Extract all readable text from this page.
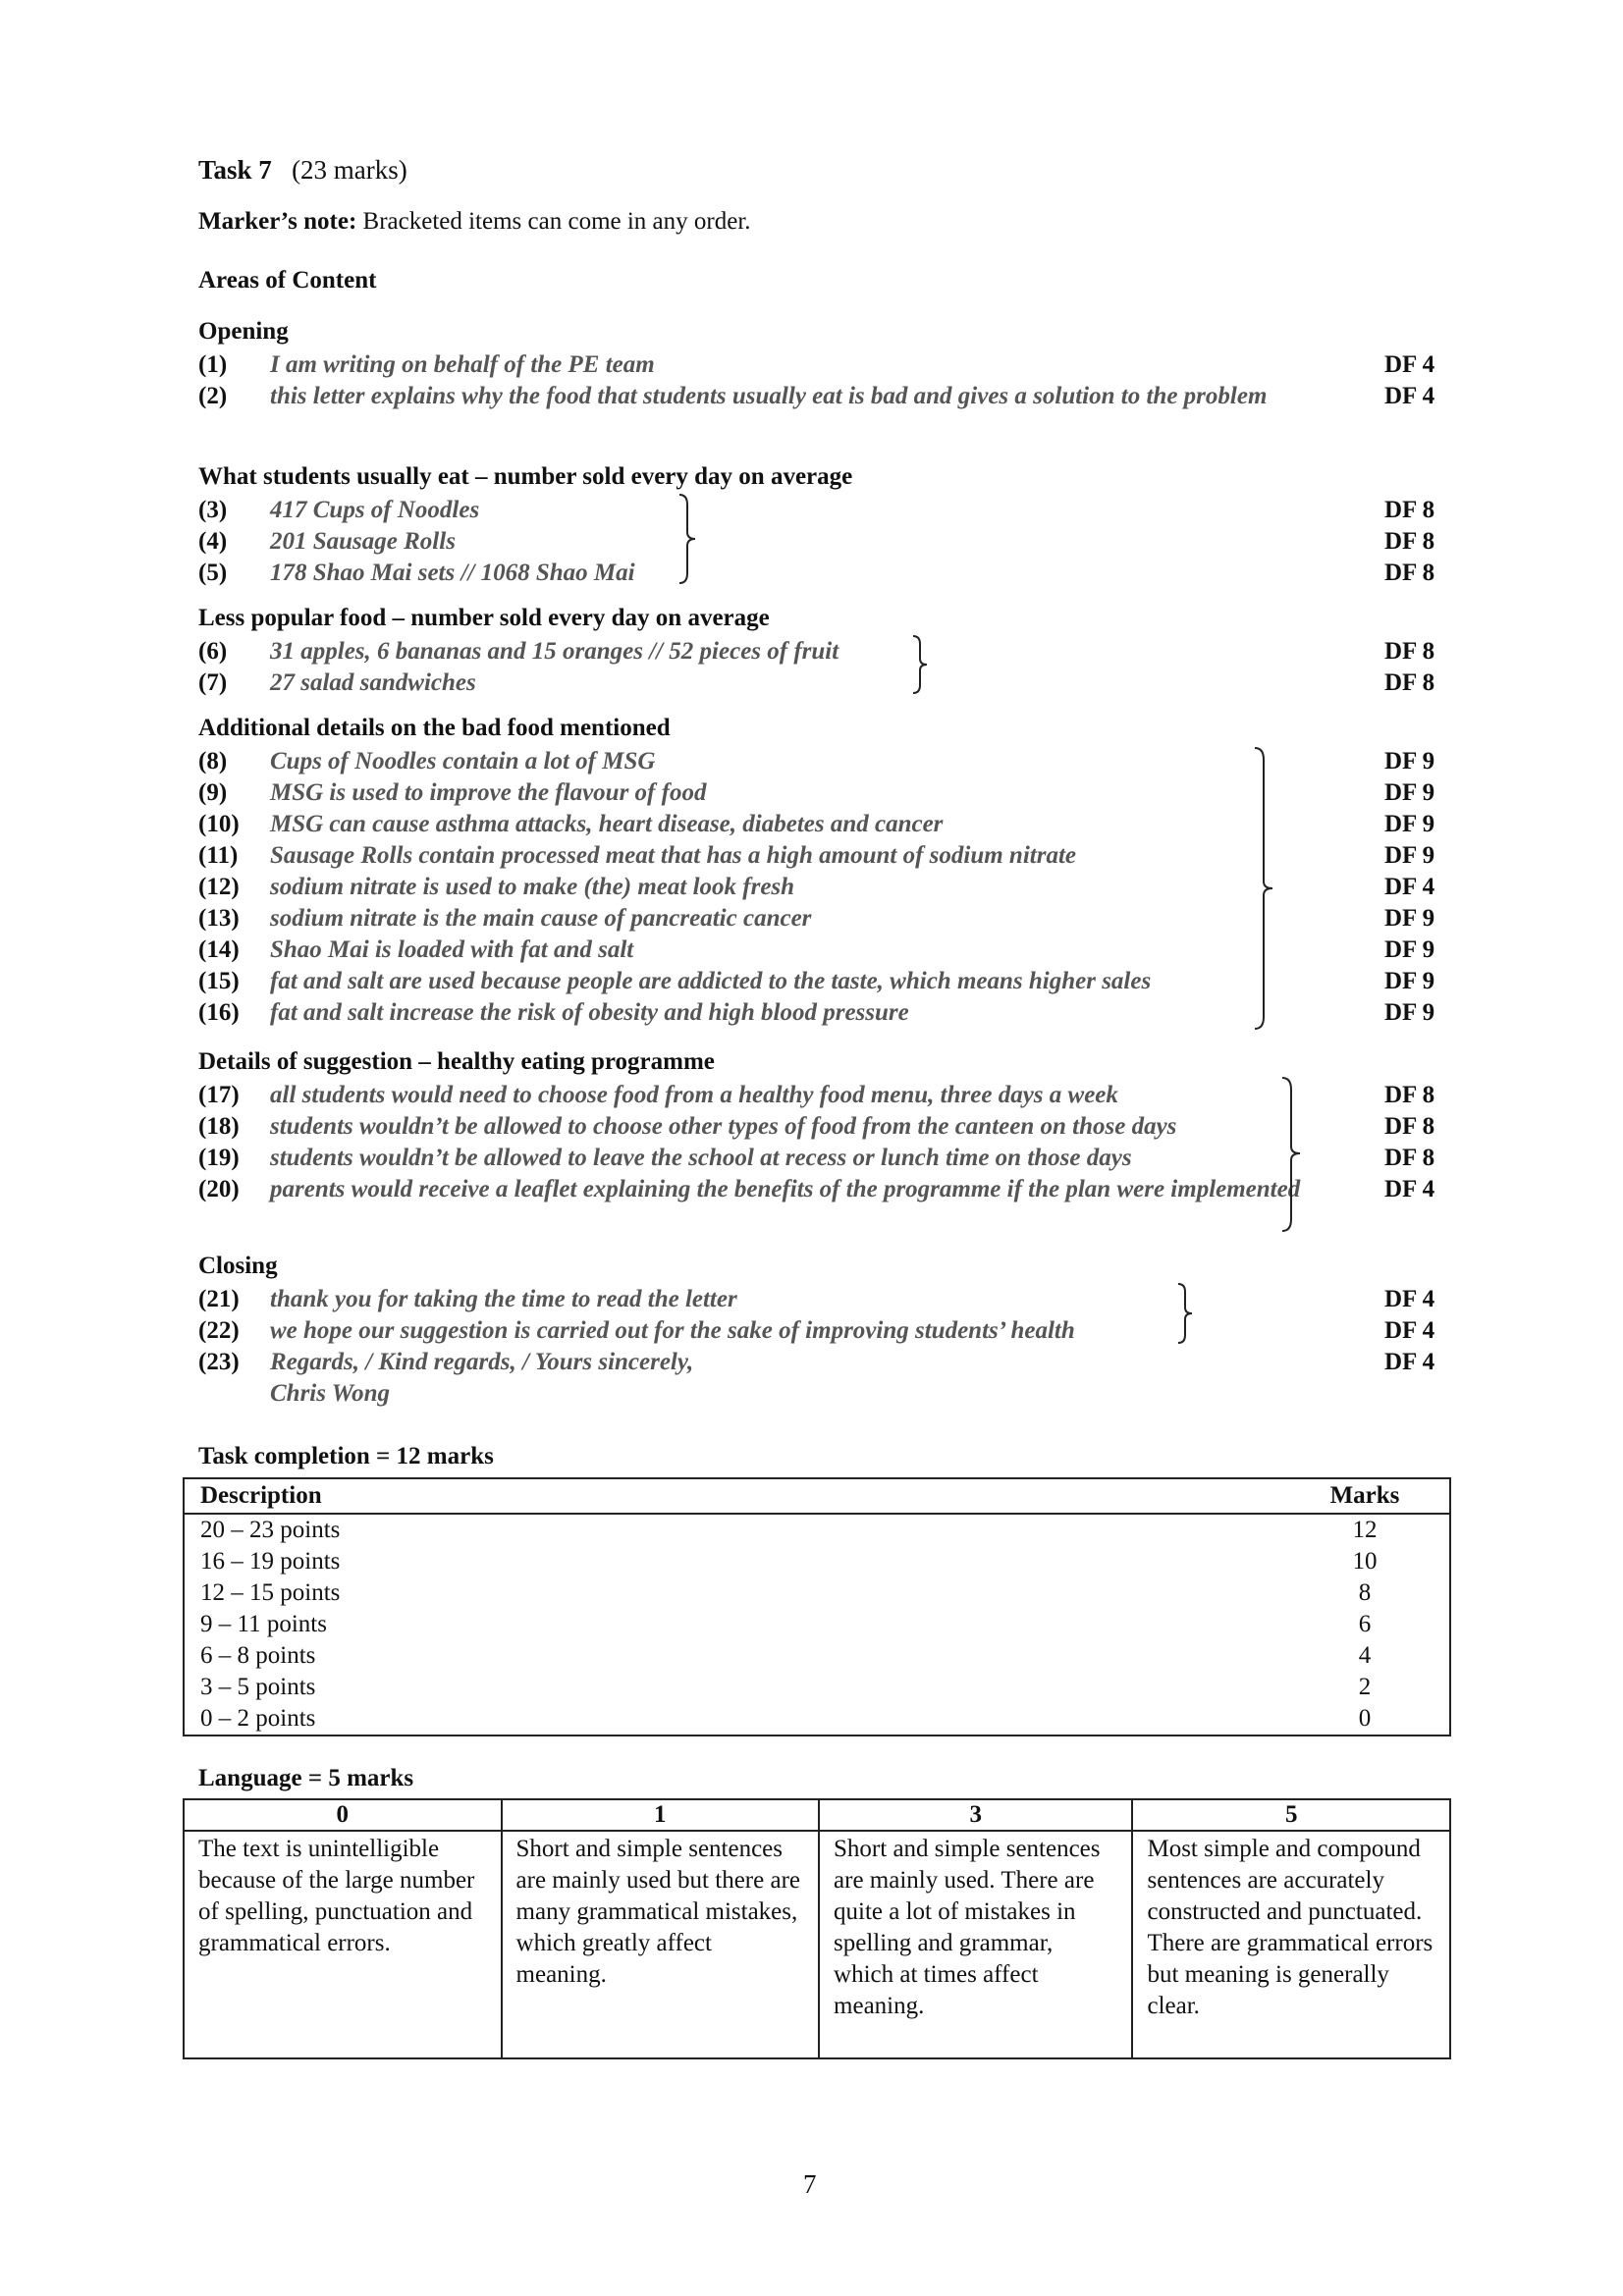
Task 7 (23 marks)
Marker’s note: Bracketed items can come in any order.
Areas of Content
Opening
(1) I am writing on behalf of the PE team	DF 4
(2) this letter explains why the food that students usually eat is bad and gives a solution to the problem	DF 4
What students usually eat – number sold every day on average
(3) 417 Cups of Noodles	DF 8
(4) 201 Sausage Rolls	DF 8
(5) 178 Shao Mai sets // 1068 Shao Mai	DF 8
Less popular food – number sold every day on average
(6) 31 apples, 6 bananas and 15 oranges // 52 pieces of fruit	DF 8
(7) 27 salad sandwiches	DF 8
Additional details on the bad food mentioned
(8) Cups of Noodles contain a lot of MSG	DF 9
(9) MSG is used to improve the flavour of food	DF 9
(10) MSG can cause asthma attacks, heart disease, diabetes and cancer	DF 9
(11) Sausage Rolls contain processed meat that has a high amount of sodium nitrate	DF 9
(12) sodium nitrate is used to make (the) meat look fresh	DF 4
(13) sodium nitrate is the main cause of pancreatic cancer	DF 9
(14) Shao Mai is loaded with fat and salt	DF 9
(15) fat and salt are used because people are addicted to the taste, which means higher sales	DF 9
(16) fat and salt increase the risk of obesity and high blood pressure	DF 9
Details of suggestion – healthy eating programme
(17) all students would need to choose food from a healthy food menu, three days a week	DF 8
(18) students wouldn’t be allowed to choose other types of food from the canteen on those days	DF 8
(19) students wouldn’t be allowed to leave the school at recess or lunch time on those days	DF 8
(20) parents would receive a leaflet explaining the benefits of the programme if the plan were implemented	DF 4
Closing
(21) thank you for taking the time to read the letter	DF 4
(22) we hope our suggestion is carried out for the sake of improving students’ health	DF 4
(23) Regards, / Kind regards, / Yours sincerely,	DF 4
Chris Wong
Task completion = 12 marks
Description	Marks
20 – 23 points	12
16 – 19 points	10
12 – 15 points	8
9 – 11 points	6
6 – 8 points	4
3 – 5 points	2
0 – 2 points	0
Language = 5 marks
0	1	3	5
The text is unintelligible because of the large number of spelling, punctuation and grammatical errors.	Short and simple sentences are mainly used but there are many grammatical mistakes, which greatly affect meaning.	Short and simple sentences are mainly used. There are quite a lot of mistakes in spelling and grammar, which at times affect meaning.	Most simple and compound sentences are accurately constructed and punctuated. There are grammatical errors but meaning is generally clear.
7
